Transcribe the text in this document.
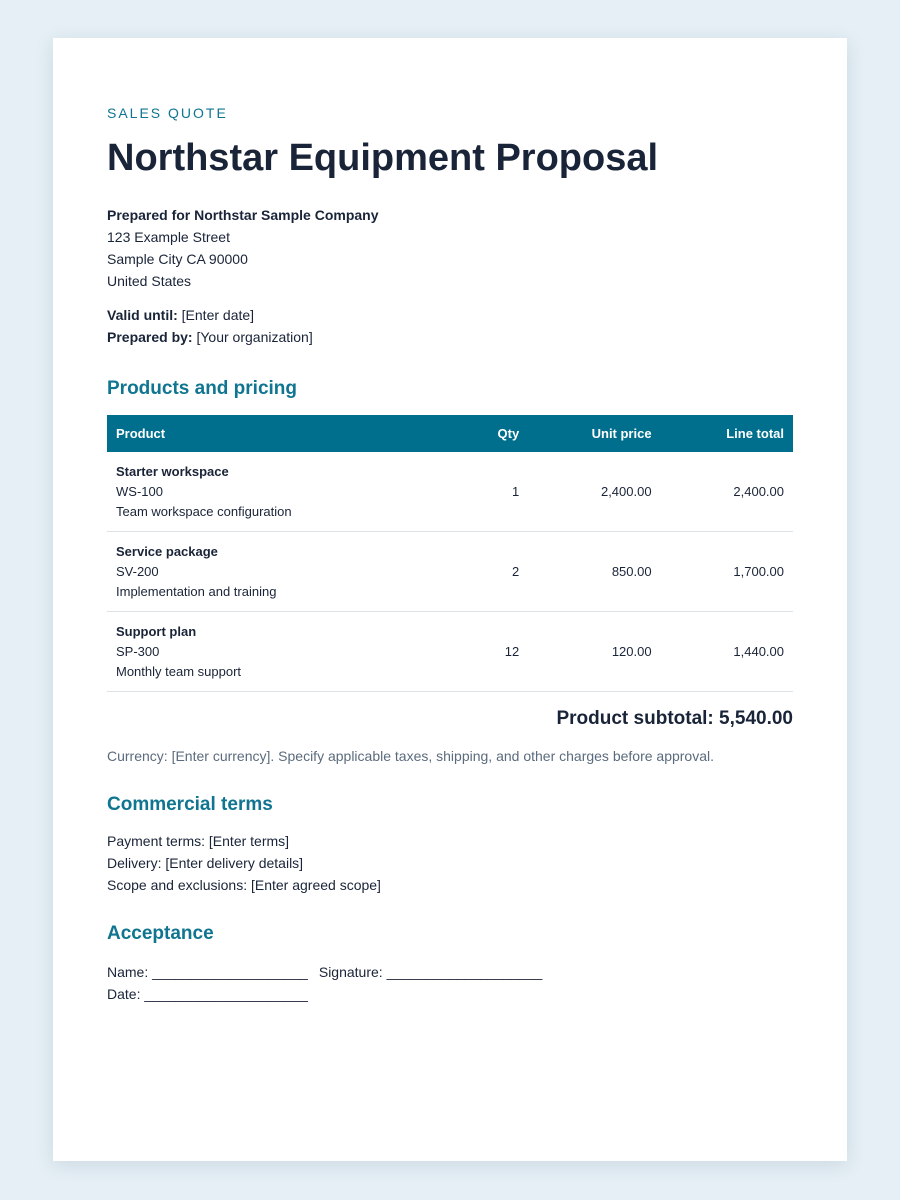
SALES QUOTE

Northstar Equipment Proposal
Prepared for Northstar Sample Company
123 Example Street
Sample City CA 90000
United States
Valid until: [Enter date]
Prepared by: [Your organization]
Products and pricing
Product	Qty	Unit price	Line total

Starter workspace
WS-100
Team workspace configuration	1	2,400.00	2,400.00

Service package
SV-200
Implementation and training	2	850.00	1,700.00

Support plan
SP-300
Monthly team support	12	120.00	1,440.00
Product subtotal: 5,540.00
Currency: [Enter currency]. Specify applicable taxes, shipping, and other charges before approval.
Commercial terms
Payment terms: [Enter terms]
Delivery: [Enter delivery details]
Scope and exclusions: [Enter agreed scope]
Acceptance
Name: ____________________ Signature: ____________________
Date: _____________________
